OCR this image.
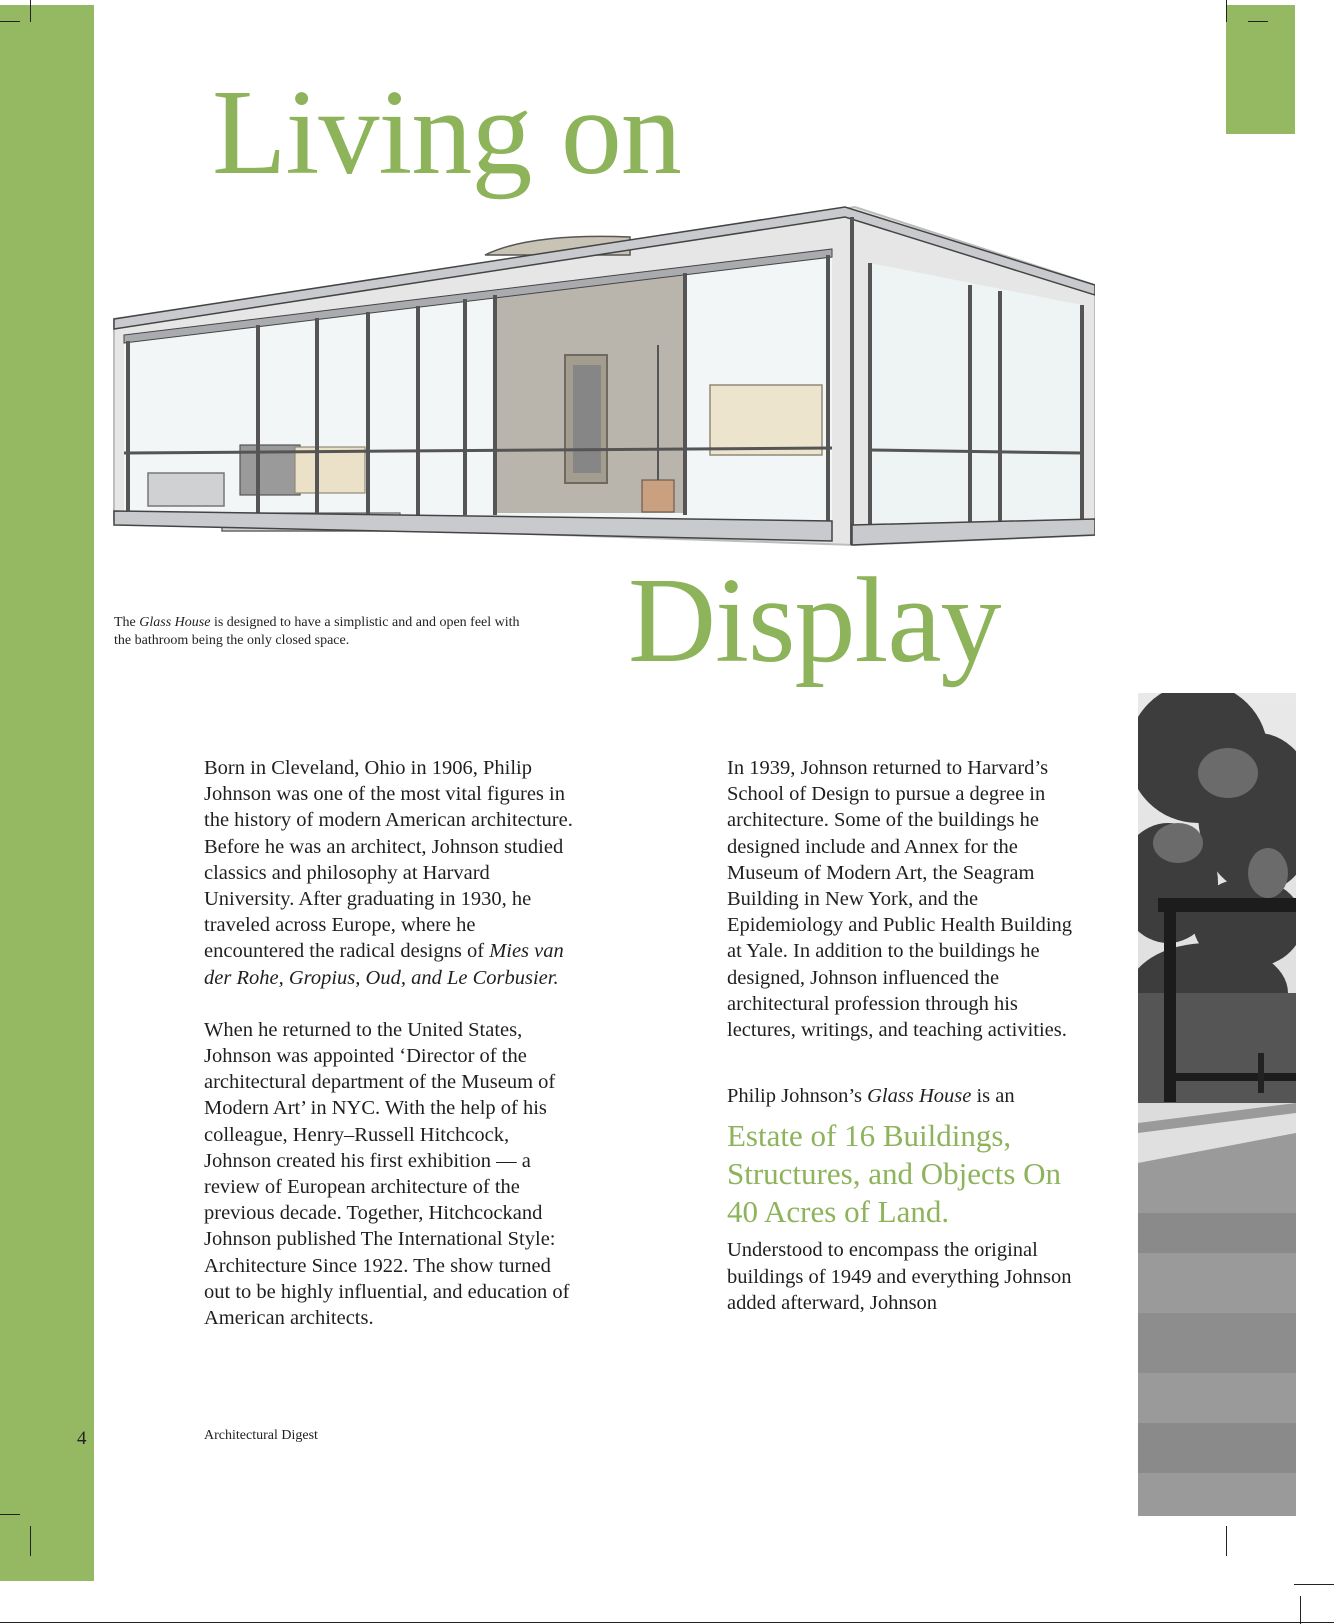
Living on
Display
The Glass House is designed to have a simplistic and and open feel with the bathroom being the only closed space.

Born in Cleveland, Ohio in 1906, Philip Johnson was one of the most vital figures in the history of modern American architecture. Before he was an architect, Johnson studied classics and philosophy at Harvard University. After graduating in 1930, he traveled across Europe, where he encountered the radical designs of Mies van der Rohe, Gropius, Oud, and Le Corbusier.

When he returned to the United States, Johnson was appointed ‘Director of the architectural department of the Museum of Modern Art’ in NYC. With the help of his colleague, Henry–Russell Hitchcock, Johnson created his first exhibition — a review of European architecture of the previous decade. Together, Hitchcockand Johnson published The International Style: Architecture Since 1922. The show turned out to be highly influential, and education of American architects.

In 1939, Johnson returned to Harvard’s School of Design to pursue a degree in architecture. Some of the buildings he designed include and Annex for the Museum of Modern Art, the Seagram Building in New York, and the Epidemiology and Public Health Building at Yale. In addition to the buildings he designed, Johnson influenced the architectural profession through his lectures, writings, and teaching activities.

Philip Johnson’s Glass House is an

Estate of 16 Buildings, Structures, and Objects On 40 Acres of Land.

Understood to encompass the original buildings of 1949 and everything Johnson added afterward, Johnson

4	Architectural Digest
